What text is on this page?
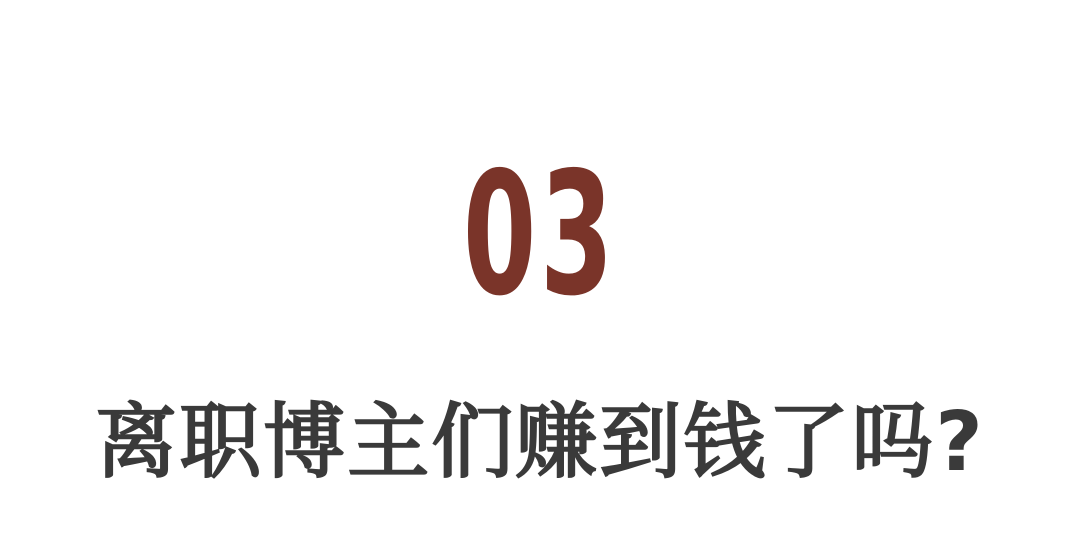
03
离职博主们赚到钱了吗?
